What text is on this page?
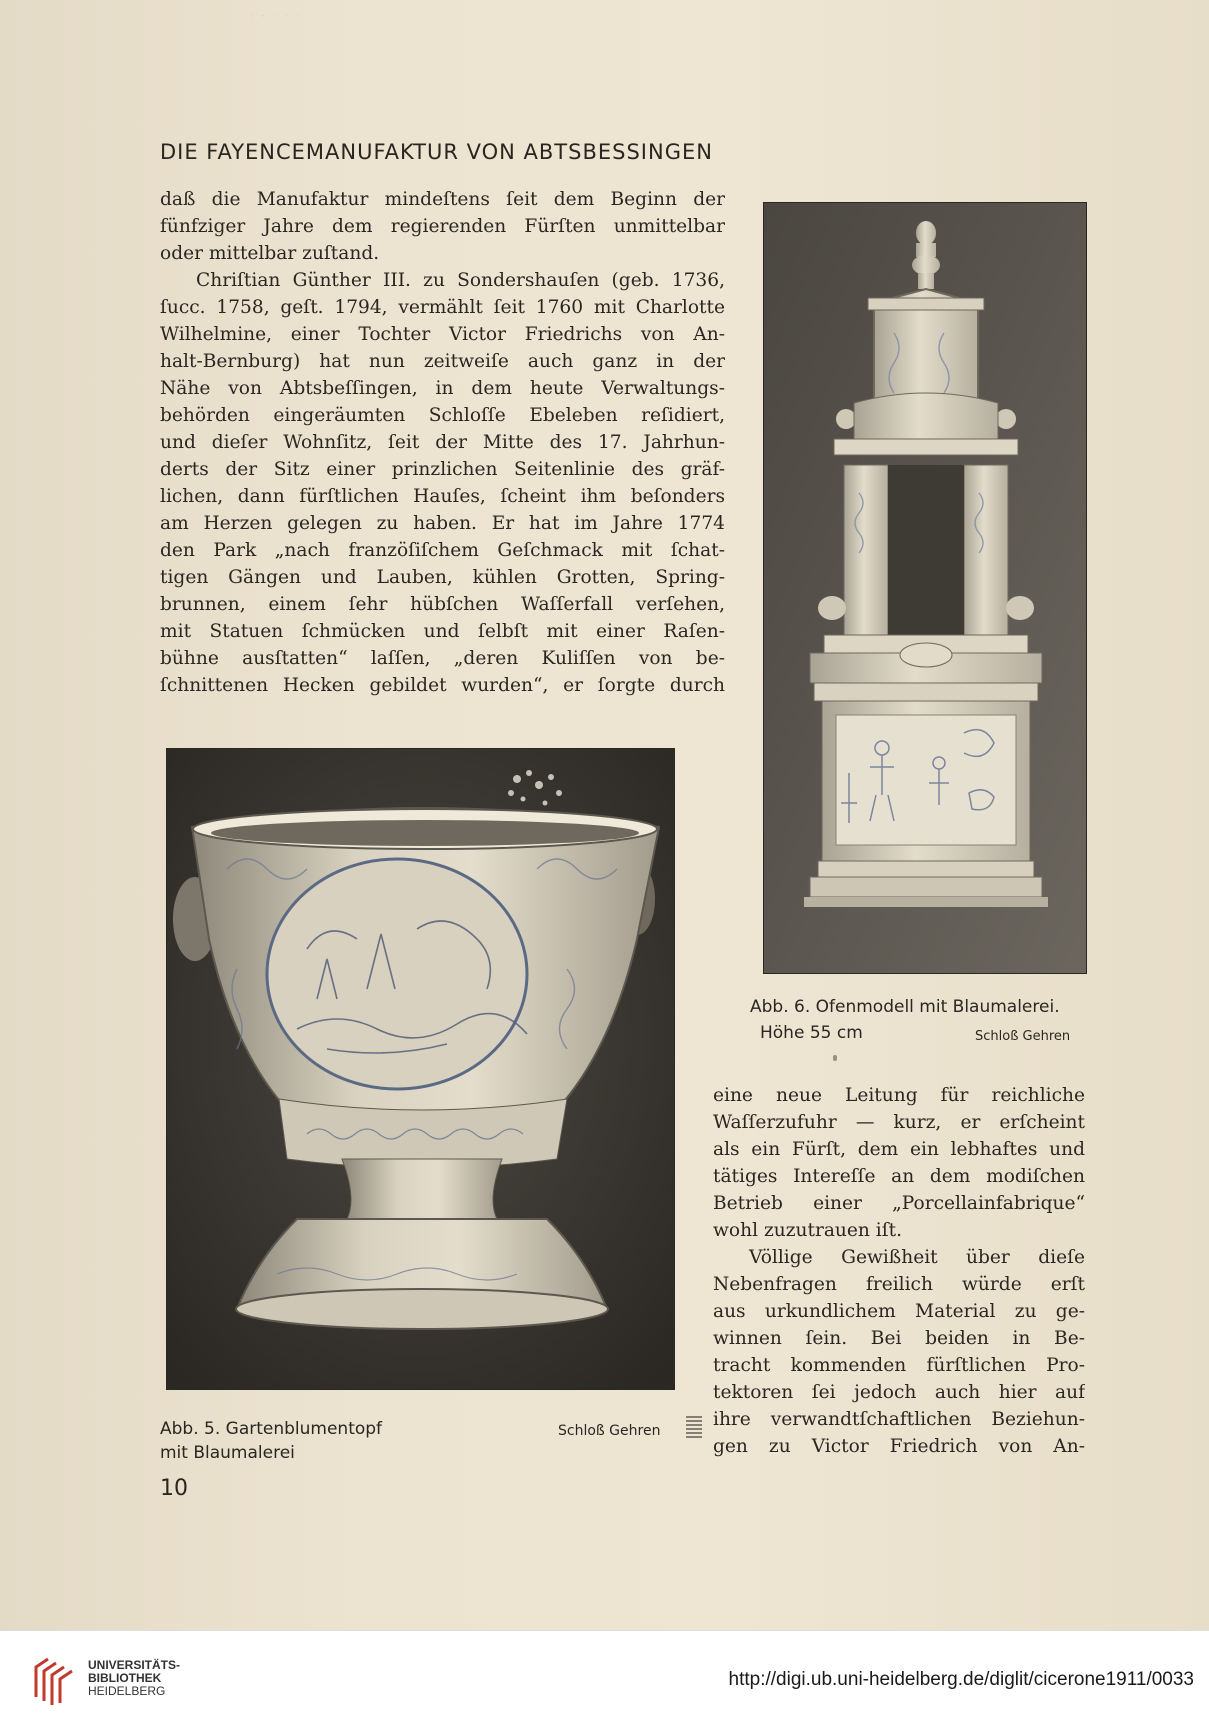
· · · · ·
DIE FAYENCEMANUFAKTUR VON ABTSBESSINGEN
daß die Manufaktur mindeſtens ſeit dem Beginn der
fünfziger Jahre dem regierenden Fürſten unmittelbar
oder mittelbar zuſtand.
Chriſtian Günther III. zu Sondershauſen (geb. 1736,
ſucc. 1758, geſt. 1794, vermählt ſeit 1760 mit Charlotte
Wilhelmine, einer Tochter Victor Friedrichs von An-
halt-Bernburg) hat nun zeitweiſe auch ganz in der
Nähe von Abtsbeſſingen, in dem heute Verwaltungs-
behörden eingeräumten Schloſſe Ebeleben reſidiert,
und dieſer Wohnſitz, ſeit der Mitte des 17. Jahrhun-
derts der Sitz einer prinzlichen Seitenlinie des gräf-
lichen, dann fürſtlichen Hauſes, ſcheint ihm beſonders
am Herzen gelegen zu haben. Er hat im Jahre 1774
den Park „nach franzöſiſchem Geſchmack mit ſchat-
tigen Gängen und Lauben, kühlen Grotten, Spring-
brunnen, einem ſehr hübſchen Waſſerfall verſehen,
mit Statuen ſchmücken und ſelbſt mit einer Raſen-
bühne ausſtatten“ laſſen, „deren Kuliſſen von be-
ſchnittenen Hecken gebildet wurden“, er ſorgte durch
eine neue Leitung für reichliche
Waſſerzufuhr — kurz, er erſcheint
als ein Fürſt, dem ein lebhaftes und
tätiges Intereſſe an dem modiſchen
Betrieb einer „Porcellainfabrique“
wohl zuzutrauen iſt.
Völlige Gewißheit über dieſe
Nebenfragen freilich würde erſt
aus urkundlichem Material zu ge-
winnen ſein. Bei beiden in Be-
tracht kommenden fürſtlichen Pro-
tektoren ſei jedoch auch hier auf
ihre verwandtſchaftlichen Beziehun-
gen zu Victor Friedrich von An-
Abb. 5. Gartenblumentopf
mit Blaumalerei
Schloß Gehren
Abb. 6. Ofenmodell mit Blaumalerei.
Höhe 55 cm	Schloß Gehren
10
UNIVERSITÄTS-
BIBLIOTHEK
HEIDELBERG
http://digi.ub.uni-heidelberg.de/diglit/cicerone1911/0033
